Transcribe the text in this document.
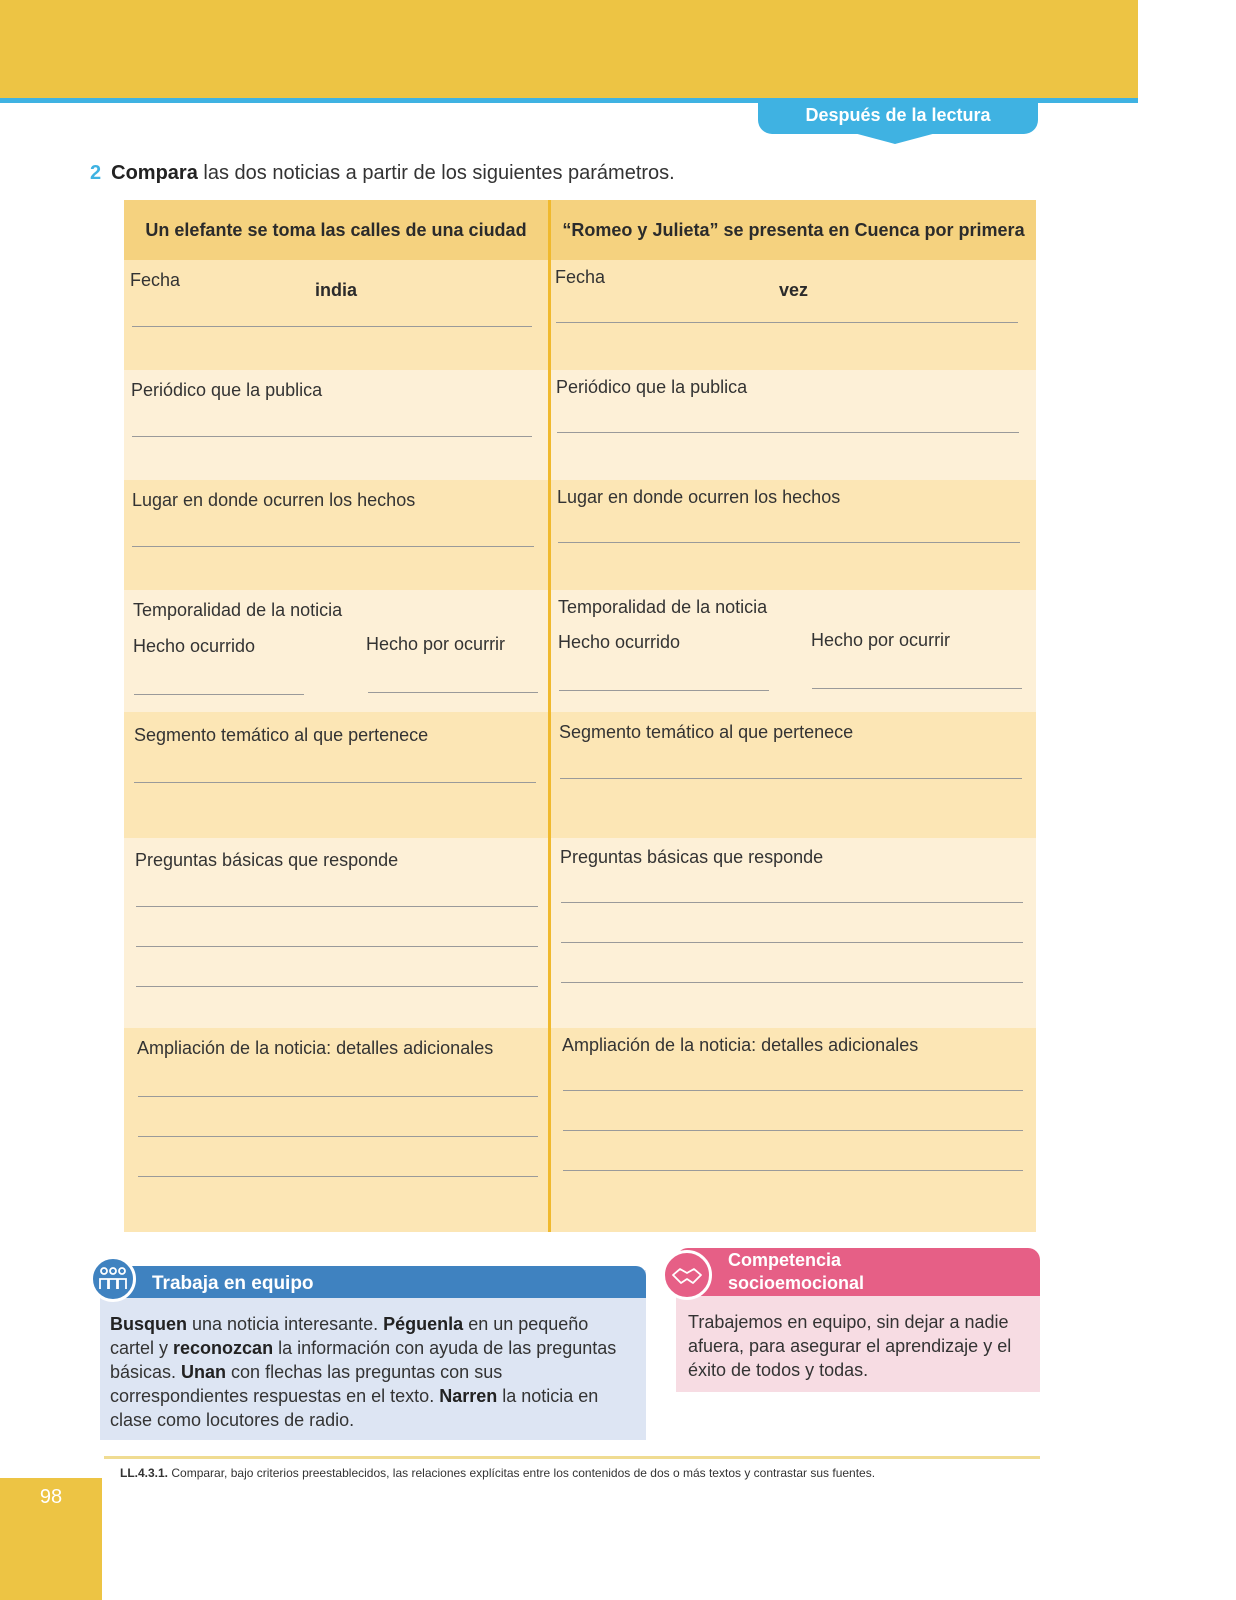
Después de la lectura
2 Compara las dos noticias a partir de los siguientes parámetros.
Un elefante se toma las calles de una ciudad india
“Romeo y Julieta” se presenta en Cuenca por primera vez
Fecha
Periódico que la publica
Lugar en donde ocurren los hechos
Temporalidad de la noticia
Hecho ocurrido	Hecho por ocurrir
Segmento temático al que pertenece
Preguntas básicas que responde
Ampliación de la noticia: detalles adicionales
Fecha
Periódico que la publica
Lugar en donde ocurren los hechos
Temporalidad de la noticia
Hecho ocurrido	Hecho por ocurrir
Segmento temático al que pertenece
Preguntas básicas que responde
Ampliación de la noticia: detalles adicionales
Trabaja en equipo
Busquen una noticia interesante. Péguenla en un pequeño cartel y reconozcan la información con ayuda de las preguntas básicas. Unan con flechas las preguntas con sus correspondientes respuestas en el texto. Narren la noticia en clase como locutores de radio.
Competencia
socioemocional
Trabajemos en equipo, sin dejar a nadie afuera, para asegurar el aprendizaje y el éxito de todos y todas.
LL.4.3.1. Comparar, bajo criterios preestablecidos, las relaciones explícitas entre los contenidos de dos o más textos y contrastar sus fuentes.
98
